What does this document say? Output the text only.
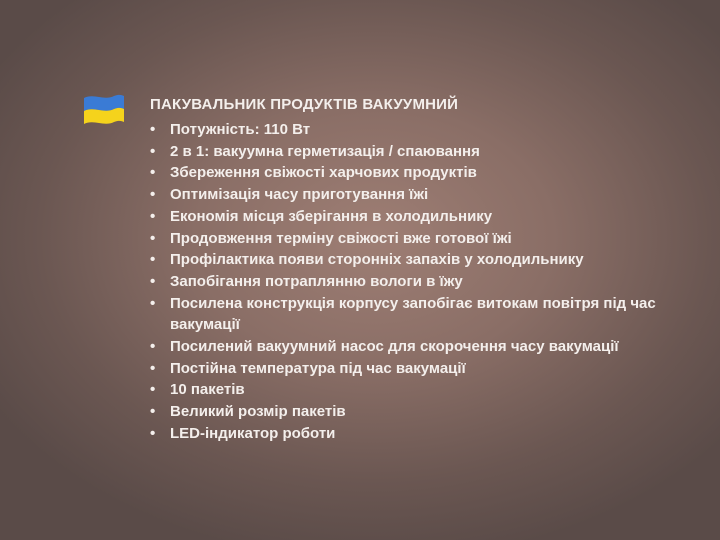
ПАКУВАЛЬНИК ПРОДУКТІВ ВАКУУМНИЙ
• Потужність: 110 Вт
• 2 в 1: вакуумна герметизація / спаювання
• Збереження свіжості харчових продуктів
• Оптимізація часу приготування їжі
• Економія місця зберігання в холодильнику
• Продовження терміну свіжості вже готової їжі
• Профілактика появи сторонніх запахів у холодильнику
• Запобігання потраплянню вологи в їжу
• Посилена конструкція корпусу запобігає витокам повітря під час вакумації
• Посилений вакуумний насос для скорочення часу вакумації
• Постійна температура під час вакумації
• 10 пакетів
• Великий розмір пакетів
• LED-індикатор роботи
